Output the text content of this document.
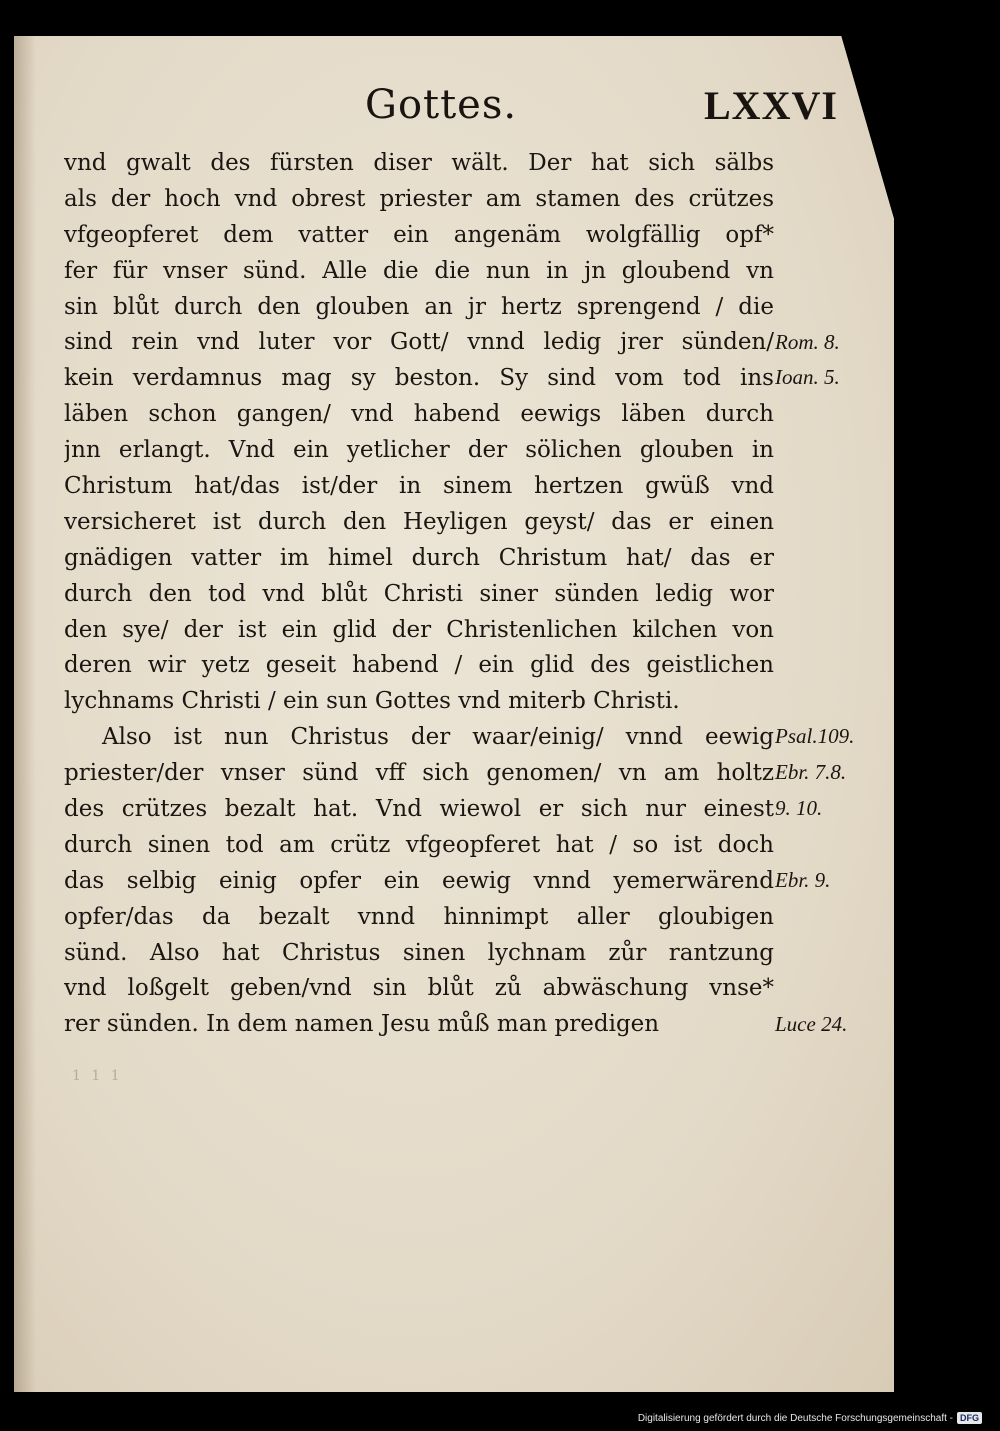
Gottes.	LXXVI
vnd gwalt des fürsten diser wält. Der hat sich sälbs
als der hoch vnd obrest priester am stamen des crützes
vfgeopferet dem vatter ein angenäm wolgfällig opf*
fer für vnser sünd. Alle die die nun in jn gloubend vn
sin blůt durch den glouben an jr hertz sprengend / die
sind rein vnd luter vor Gott/ vnnd ledig jrer sünden/
kein verdamnus mag sy beston. Sy sind vom tod ins
läben schon gangen/ vnd habend eewigs läben durch
jnn erlangt. Vnd ein yetlicher der sölichen glouben in
Christum hat/das ist/der in sinem hertzen gwüß vnd
versicheret ist durch den Heyligen geyst/ das er einen
gnädigen vatter im himel durch Christum hat/ das er
durch den tod vnd blůt Christi siner sünden ledig wor
den sye/ der ist ein glid der Christenlichen kilchen von
deren wir yetz geseit habend / ein glid des geistlichen
lychnams Christi / ein sun Gottes vnd miterb Christi.
Also ist nun Christus der waar/einig/ vnnd eewig
priester/der vnser sünd vff sich genomen/ vn am holtz
des crützes bezalt hat. Vnd wiewol er sich nur einest
durch sinen tod am crütz vfgeopferet hat / so ist doch
das selbig einig opfer ein eewig vnnd yemerwärend
opfer/das da bezalt vnnd hinnimpt aller gloubigen
sünd. Also hat Christus sinen lychnam zůr rantzung
vnd loßgelt geben/vnd sin blůt zů abwäschung vnse*
rer sünden. In dem namen Jesu můß man predigen
Rom. 8.
Ioan. 5.
Psal.109.
Ebr. 7.8.
9. 10.
Ebr. 9.
Luce 24.
1 1 1
Digitalisierung gefördert durch die Deutsche Forschungsgemeinschaft - DFG
